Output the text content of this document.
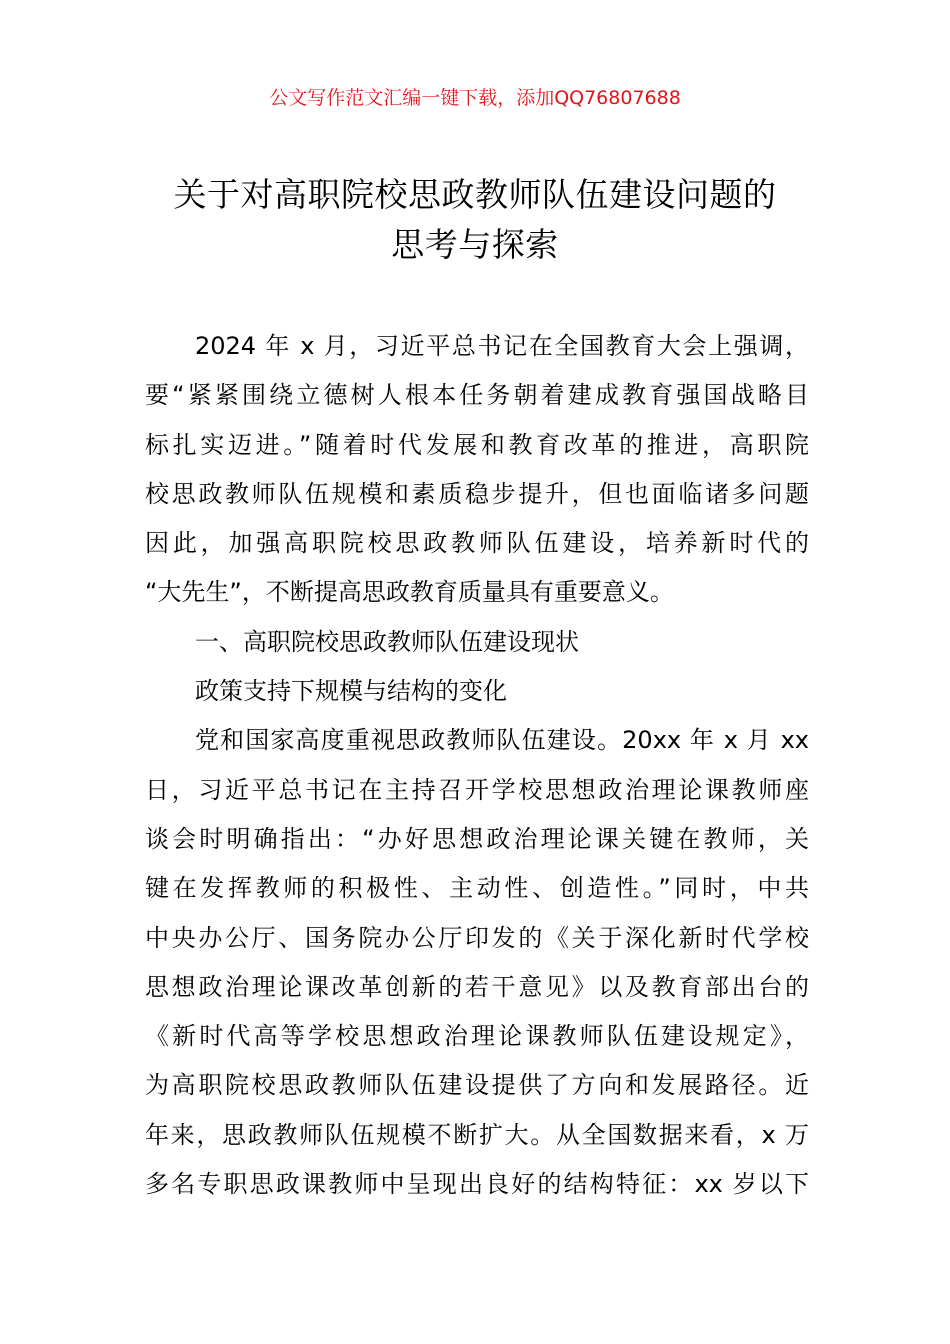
公文写作范文汇编一键下载，添加QQ76807688
关于对高职院校思政教师队伍建设问题的
思考与探索
2024 年 x 月，习近平总书记在全国教育大会上强调，
要“紧紧围绕立德树人根本任务朝着建成教育强国战略目
标扎实迈进。”随着时代发展和教育改革的推进，高职院
校思政教师队伍规模和素质稳步提升，但也面临诸多问题
因此，加强高职院校思政教师队伍建设，培养新时代的
“大先生”，不断提高思政教育质量具有重要意义。
一、高职院校思政教师队伍建设现状
政策支持下规模与结构的变化
党和国家高度重视思政教师队伍建设。20xx 年 x 月 xx
日，习近平总书记在主持召开学校思想政治理论课教师座
谈会时明确指出：“办好思想政治理论课关键在教师，关
键在发挥教师的积极性、主动性、创造性。”同时，中共
中央办公厅、国务院办公厅印发的《关于深化新时代学校
思想政治理论课改革创新的若干意见》以及教育部出台的
《新时代高等学校思想政治理论课教师队伍建设规定》，
为高职院校思政教师队伍建设提供了方向和发展路径。近
年来，思政教师队伍规模不断扩大。从全国数据来看，x 万
多名专职思政课教师中呈现出良好的结构特征：xx 岁以下
